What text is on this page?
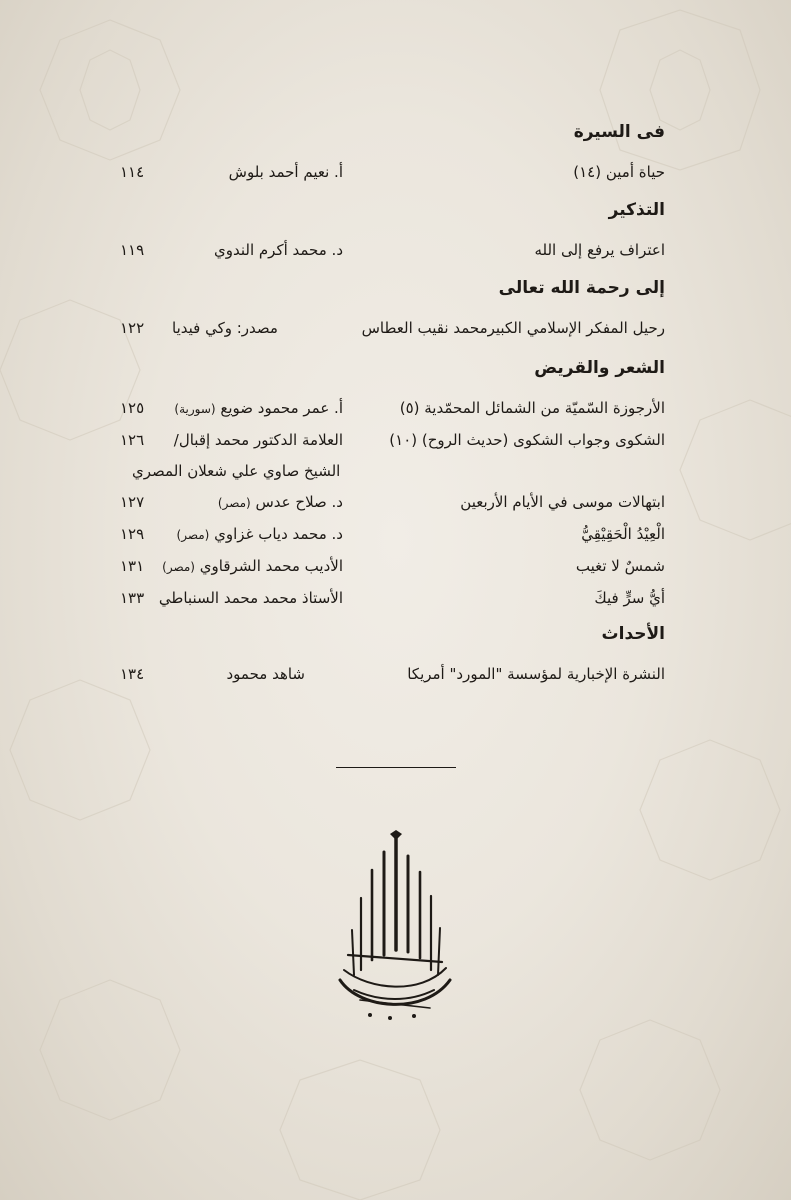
فى السيرة
حياة أمين (١٤)
أ. نعيم أحمد بلوش
١١٤
التذكير
اعتراف يرفع إلى الله
د. محمد أكرم الندوي
١١٩
إلى رحمة الله تعالى
رحيل المفكر الإسلامي الكبيرمحمد نقيب العطاس
مصدر: وكي فيديا
١٢٢
الشعر والقريض
الأرجوزة السّميّة من الشمائل المحمّدية (٥)
أ. عمر محمود ضويع (سورية)
١٢٥
الشكوى وجواب الشكوى (حديث الروح) (١٠)
العلامة الدكتور محمد إقبال/
١٢٦
الشيخ صاوي علي شعلان المصري
ابتهالات موسى في الأيام الأربعين
د. صلاح عدس (مصر)
١٢٧
الْعِيْدُ الْحَقِيْقِيُّ
د. محمد دياب غزاوي (مصر)
١٢٩
شمسٌ لا تغيب
الأديب محمد الشرقاوي (مصر)
١٣١
أيُّ سرٍّ فيكَ
الأستاذ محمد محمد السنباطي
١٣٣
الأحداث
النشرة الإخبارية لمؤسسة "المورد" أمريكا
شاهد محمود
١٣٤
